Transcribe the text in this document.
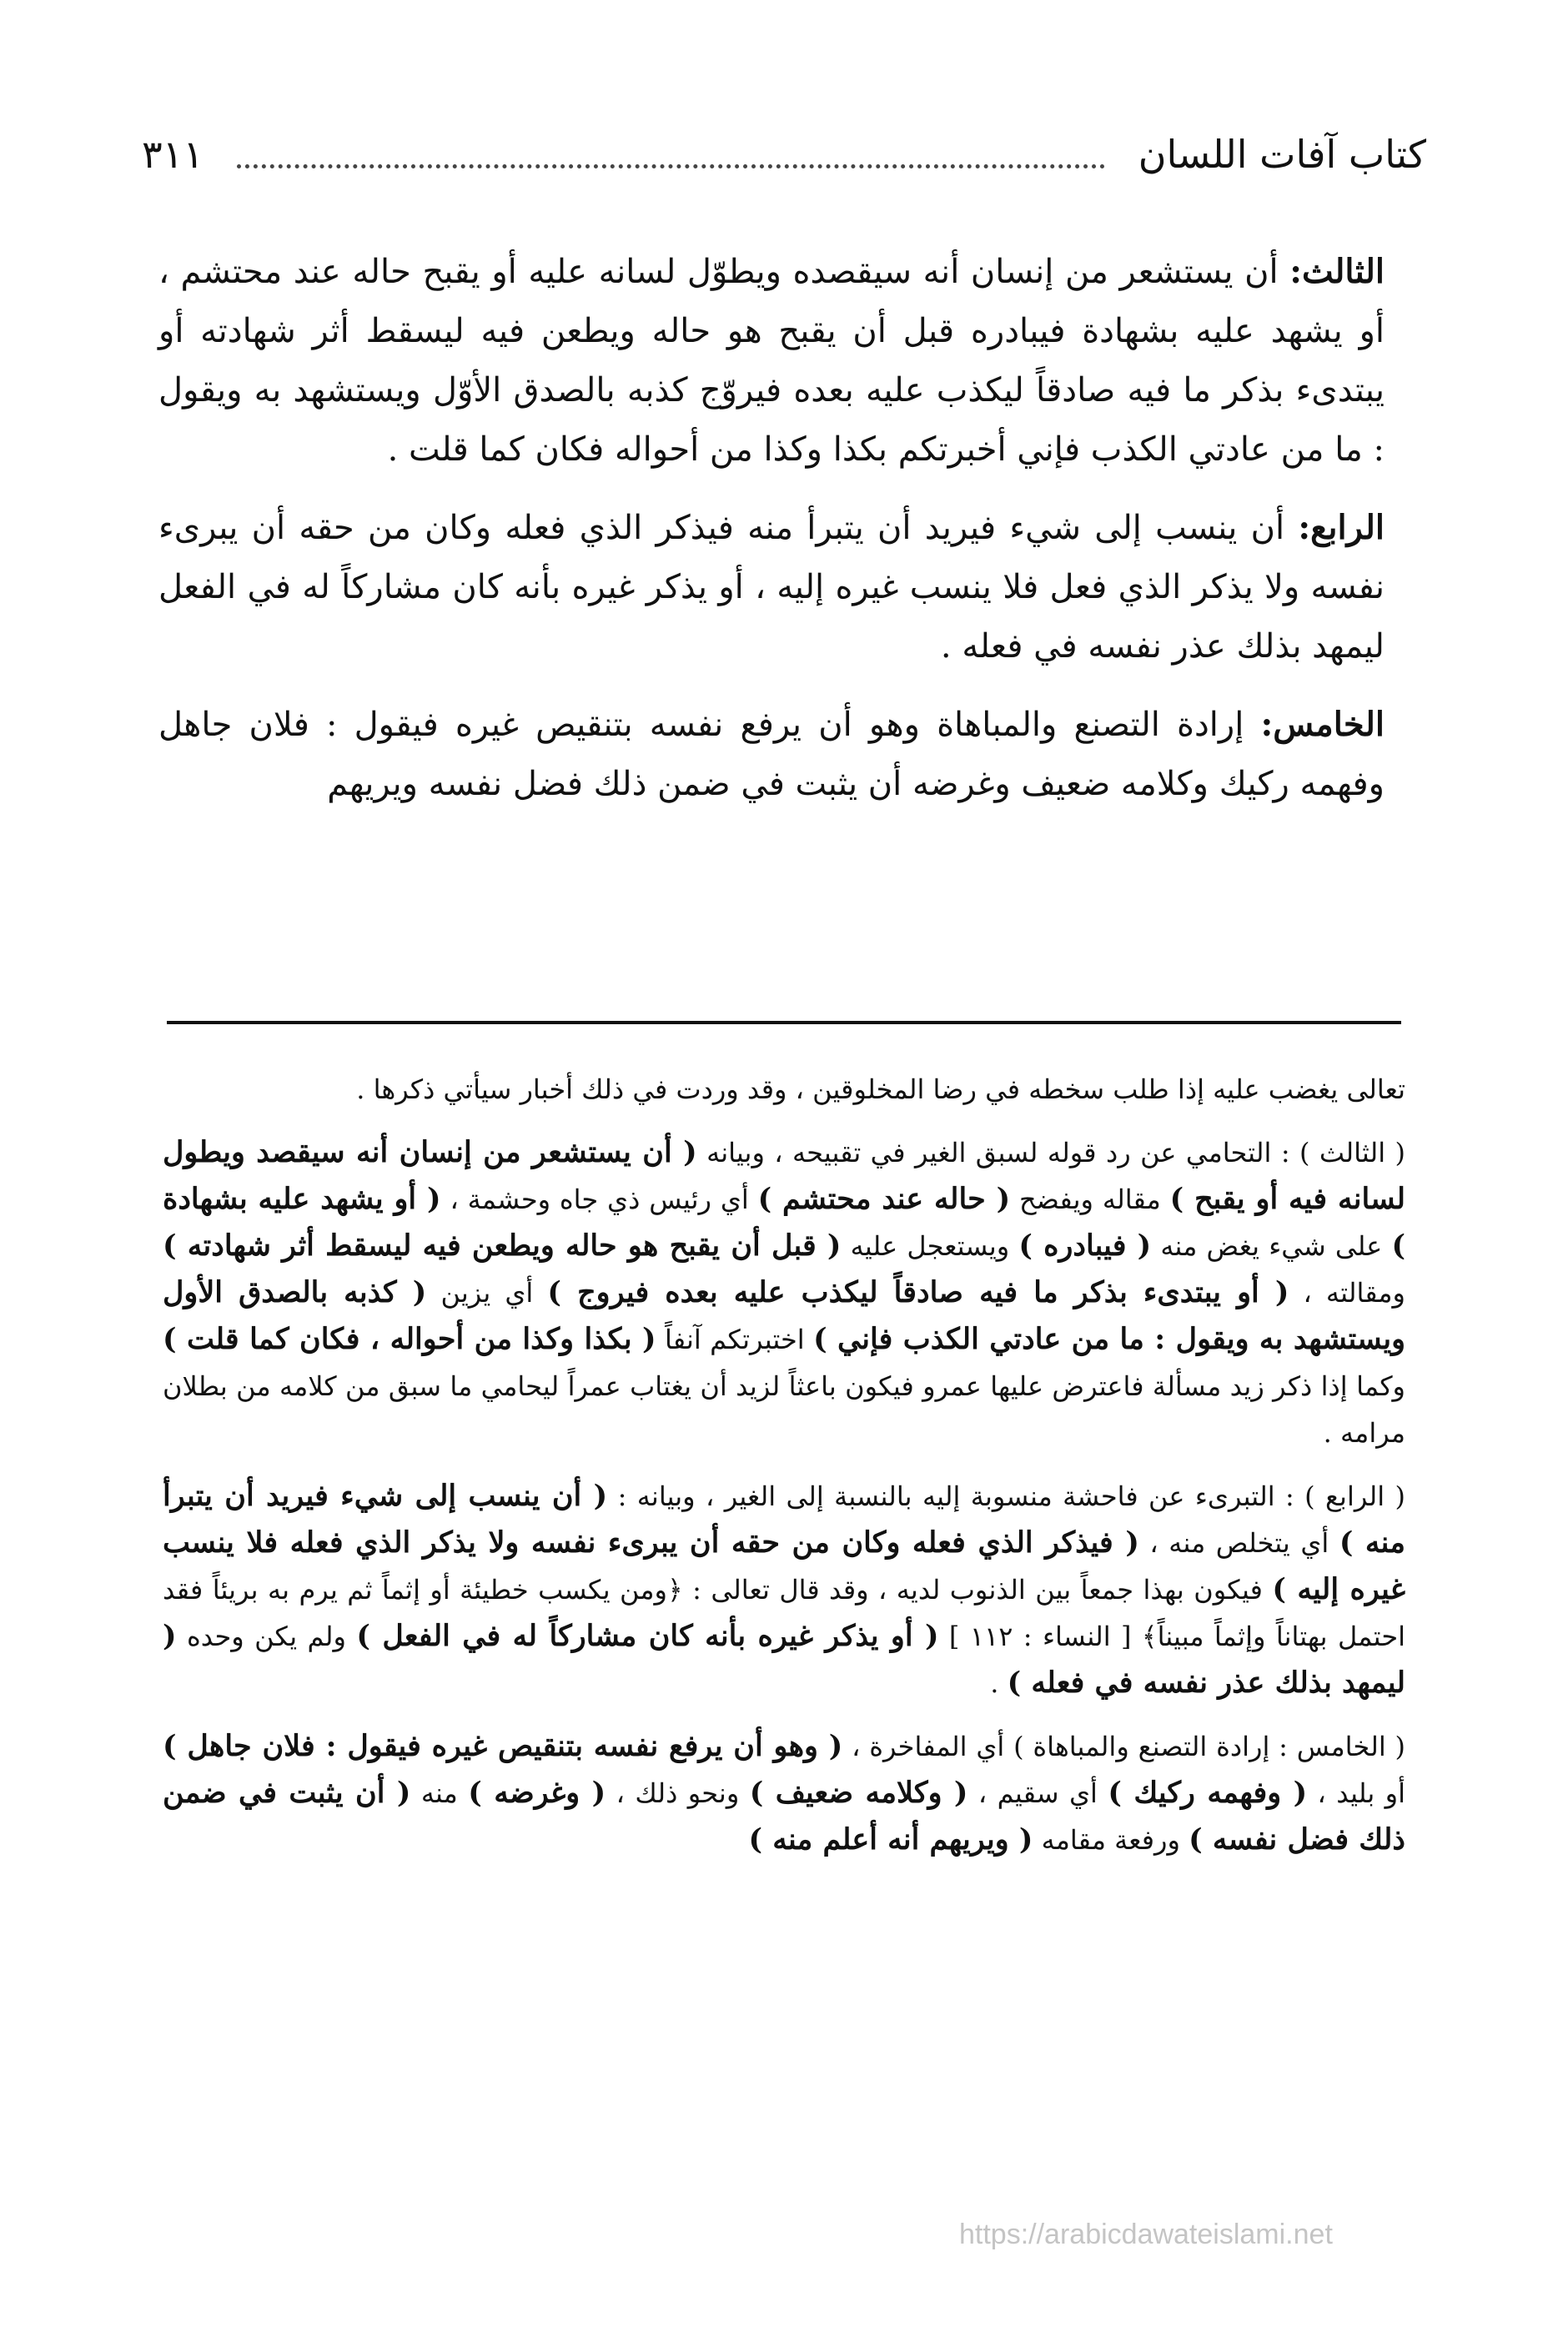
كتاب آفات اللسان
٣١١

الثالث: أن يستشعر من إنسان أنه سيقصده ويطوّل لسانه عليه أو يقبح حاله عند محتشم ، أو يشهد عليه بشهادة فيبادره قبل أن يقبح هو حاله ويطعن فيه ليسقط أثر شهادته أو يبتدىء بذكر ما فيه صادقاً ليكذب عليه بعده فيروّج كذبه بالصدق الأوّل ويستشهد به ويقول : ما من عادتي الكذب فإني أخبرتكم بكذا وكذا من أحواله فكان كما قلت .

الرابع: أن ينسب إلى شيء فيريد أن يتبرأ منه فيذكر الذي فعله وكان من حقه أن يبرىء نفسه ولا يذكر الذي فعل فلا ينسب غيره إليه ، أو يذكر غيره بأنه كان مشاركاً له في الفعل ليمهد بذلك عذر نفسه في فعله .

الخامس: إرادة التصنع والمباهاة وهو أن يرفع نفسه بتنقيص غيره فيقول : فلان جاهل وفهمه ركيك وكلامه ضعيف وغرضه أن يثبت في ضمن ذلك فضل نفسه ويريهم

تعالى يغضب عليه إذا طلب سخطه في رضا المخلوقين ، وقد وردت في ذلك أخبار سيأتي ذكرها .

( الثالث ) : التحامي عن رد قوله لسبق الغير في تقبيحه ، وبيانه ( أن يستشعر من إنسان أنه سيقصد ويطول لسانه فيه أو يقبح ) مقاله ويفضح ( حاله عند محتشم ) أي رئيس ذي جاه وحشمة ، ( أو يشهد عليه بشهادة ) على شيء يغض منه ( فيبادره ) ويستعجل عليه ( قبل أن يقبح هو حاله ويطعن فيه ليسقط أثر شهادته ) ومقالته ، ( أو يبتدىء بذكر ما فيه صادقاً ليكذب عليه بعده فيروج ) أي يزين ( كذبه بالصدق الأول ويستشهد به ويقول : ما من عادتي الكذب فإني ) اختبرتكم آنفاً ( بكذا وكذا من أحواله ، فكان كما قلت ) وكما إذا ذكر زيد مسألة فاعترض عليها عمرو فيكون باعثاً لزيد أن يغتاب عمراً ليحامي ما سبق من كلامه من بطلان مرامه .

( الرابع ) : التبرىء عن فاحشة منسوبة إليه بالنسبة إلى الغير ، وبيانه : ( أن ينسب إلى شيء فيريد أن يتبرأ منه ) أي يتخلص منه ، ( فيذكر الذي فعله وكان من حقه أن يبرىء نفسه ولا يذكر الذي فعله فلا ينسب غيره إليه ) فيكون بهذا جمعاً بين الذنوب لديه ، وقد قال تعالى : ﴿ومن يكسب خطيئة أو إثماً ثم يرم به بريئاً فقد احتمل بهتاناً وإثماً مبيناً﴾ [ النساء : ١١٢ ] ( أو يذكر غيره بأنه كان مشاركاً له في الفعل ) ولم يكن وحده ( ليمهد بذلك عذر نفسه في فعله ) .

( الخامس : إرادة التصنع والمباهاة ) أي المفاخرة ، ( وهو أن يرفع نفسه بتنقيص غيره فيقول : فلان جاهل ) أو بليد ، ( وفهمه ركيك ) أي سقيم ، ( وكلامه ضعيف ) ونحو ذلك ، ( وغرضه ) منه ( أن يثبت في ضمن ذلك فضل نفسه ) ورفعة مقامه ( ويريهم أنه أعلم منه )

https://arabicdawateislami.net
